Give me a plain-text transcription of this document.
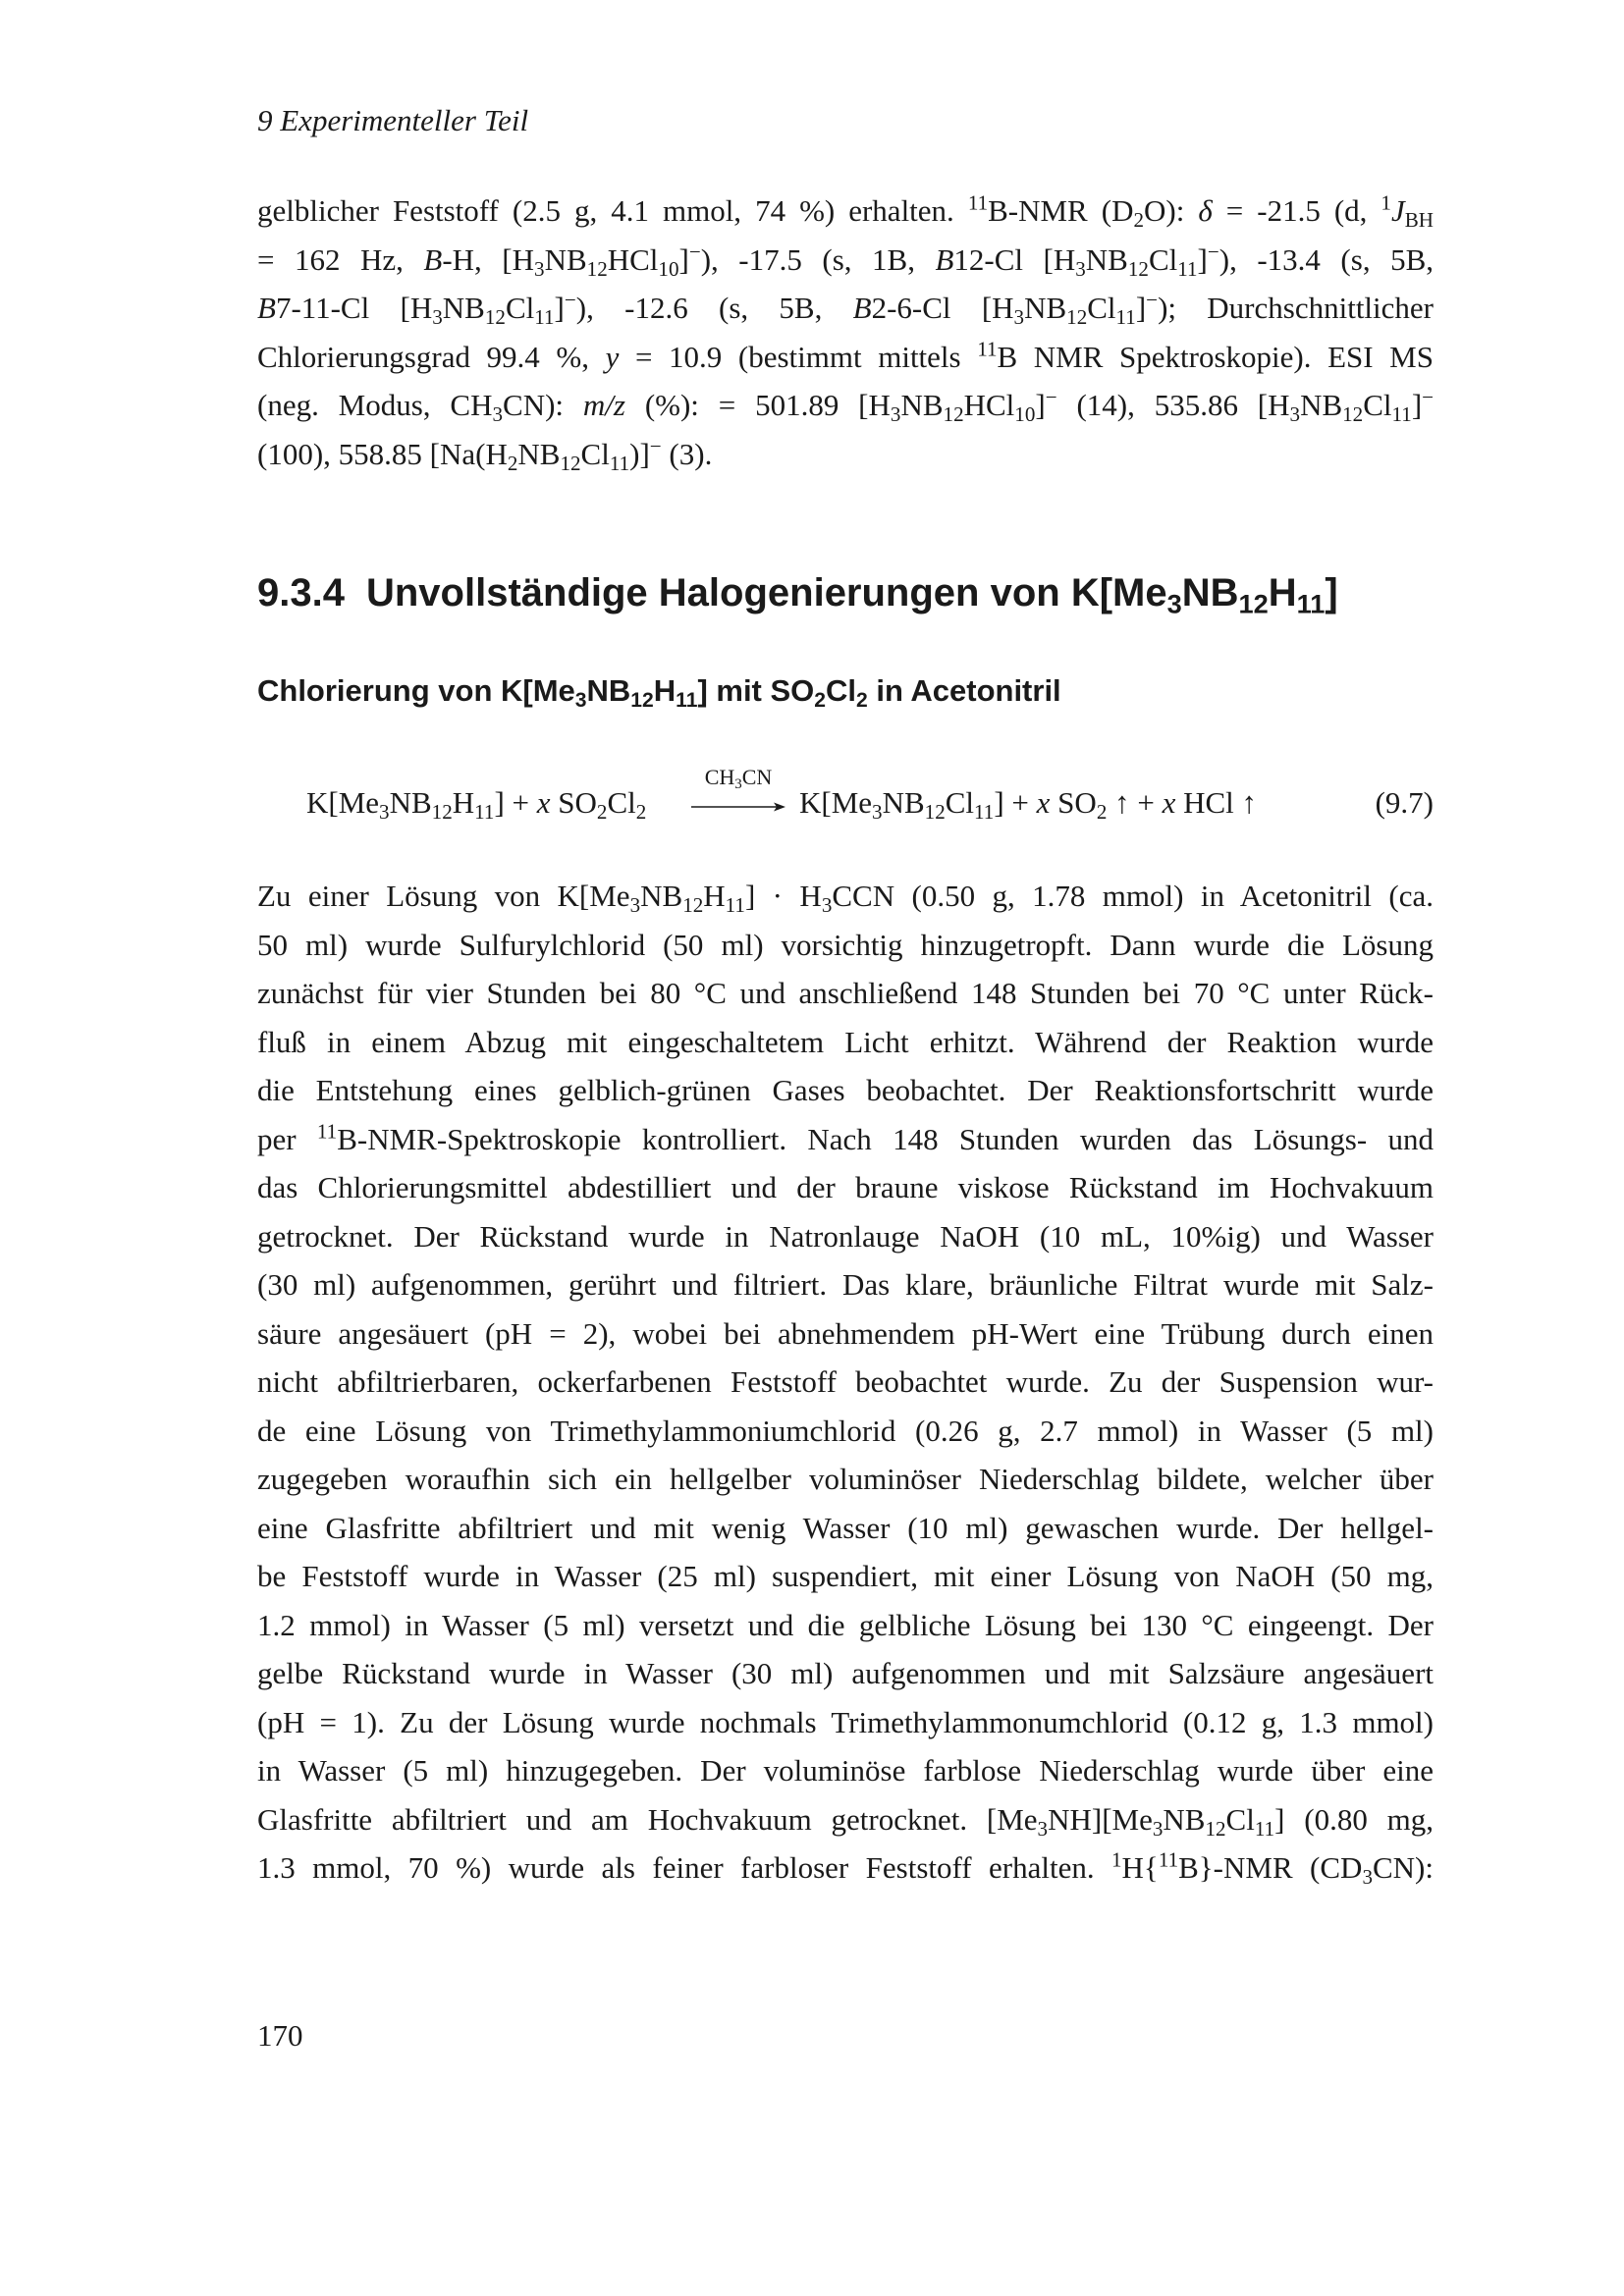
9 Experimenteller Teil
gelblicher Feststoff (2.5 g, 4.1 mmol, 74 %) erhalten. $^{11}$B-NMR $(D_2O)$: δ = -21.5 (d, $^1J_{BH}$
= 162 Hz, B-H, $[H_3NB_{12}HCl_{10}]^-$), -17.5 (s, 1B, B12-Cl $[H_3NB_{12}Cl_{11}]^-$), -13.4 (s, 5B,
B7-11-Cl $[H_3NB_{12}Cl_{11}]^-$), -12.6 (s, 5B, B2-6-Cl $[H_3NB_{12}Cl_{11}]^-$); Durchschnittlicher
Chlorierungsgrad 99.4 %, y = 10.9 (bestimmt mittels $^{11}$B NMR Spektroskopie). ESI MS
(neg. Modus, $CH_3CN$): m/z (%): = 501.89 $[H_3NB_{12}HCl_{10}]^-$ (14), 535.86 $[H_3NB_{12}Cl_{11}]^-$
(100), 558.85 $[Na(H_2NB_{12}Cl_{11})]^-$ (3).
9.3.4 Unvollständige Halogenierungen von $K[Me_3NB_{12}H_{11}]$
Chlorierung von $K[Me_3NB_{12}H_{11}]$ mit $SO_2Cl_2$ in Acetonitril
$K[Me_3NB_{12}H_{11}] + x$ $SO_2Cl_2$
$CH_3CN$
$K[Me_3NB_{12}Cl_{11}] + x$ $SO_2$ ↑ + x HCl ↑	(9.7)
Zu einer Lösung von $K[Me_3NB_{12}H_{11}] \cdot H_3CCN$ (0.50 g, 1.78 mmol) in Acetonitril (ca.
50 ml) wurde Sulfurylchlorid (50 ml) vorsichtig hinzugetropft. Dann wurde die Lösung
zunächst für vier Stunden bei 80 °C und anschließend 148 Stunden bei 70 °C unter Rück-
fluß in einem Abzug mit eingeschaltetem Licht erhitzt. Während der Reaktion wurde
die Entstehung eines gelblich-grünen Gases beobachtet. Der Reaktionsfortschritt wurde
per $^{11}$B-NMR-Spektroskopie kontrolliert. Nach 148 Stunden wurden das Lösungs- und
das Chlorierungsmittel abdestilliert und der braune viskose Rückstand im Hochvakuum
getrocknet. Der Rückstand wurde in Natronlauge NaOH (10 mL, 10%ig) und Wasser
(30 ml) aufgenommen, gerührt und filtriert. Das klare, bräunliche Filtrat wurde mit Salz-
säure angesäuert (pH = 2), wobei bei abnehmendem pH-Wert eine Trübung durch einen
nicht abfiltrierbaren, ockerfarbenen Feststoff beobachtet wurde. Zu der Suspension wur-
de eine Lösung von Trimethylammoniumchlorid (0.26 g, 2.7 mmol) in Wasser (5 ml)
zugegeben woraufhin sich ein hellgelber voluminöser Niederschlag bildete, welcher über
eine Glasfritte abfiltriert und mit wenig Wasser (10 ml) gewaschen wurde. Der hellgel-
be Feststoff wurde in Wasser (25 ml) suspendiert, mit einer Lösung von NaOH (50 mg,
1.2 mmol) in Wasser (5 ml) versetzt und die gelbliche Lösung bei 130 °C eingeengt. Der
gelbe Rückstand wurde in Wasser (30 ml) aufgenommen und mit Salzsäure angesäuert
(pH = 1). Zu der Lösung wurde nochmals Trimethylammonumchlorid (0.12 g, 1.3 mmol)
in Wasser (5 ml) hinzugegeben. Der voluminöse farblose Niederschlag wurde über eine
Glasfritte abfiltriert und am Hochvakuum getrocknet. $[Me_3NH][Me_3NB_{12}Cl_{11}]$ (0.80 mg,
1.3 mmol, 70 %) wurde als feiner farbloser Feststoff erhalten. $^1$H{$^{11}$B}-NMR $(CD_3CN)$:
170
